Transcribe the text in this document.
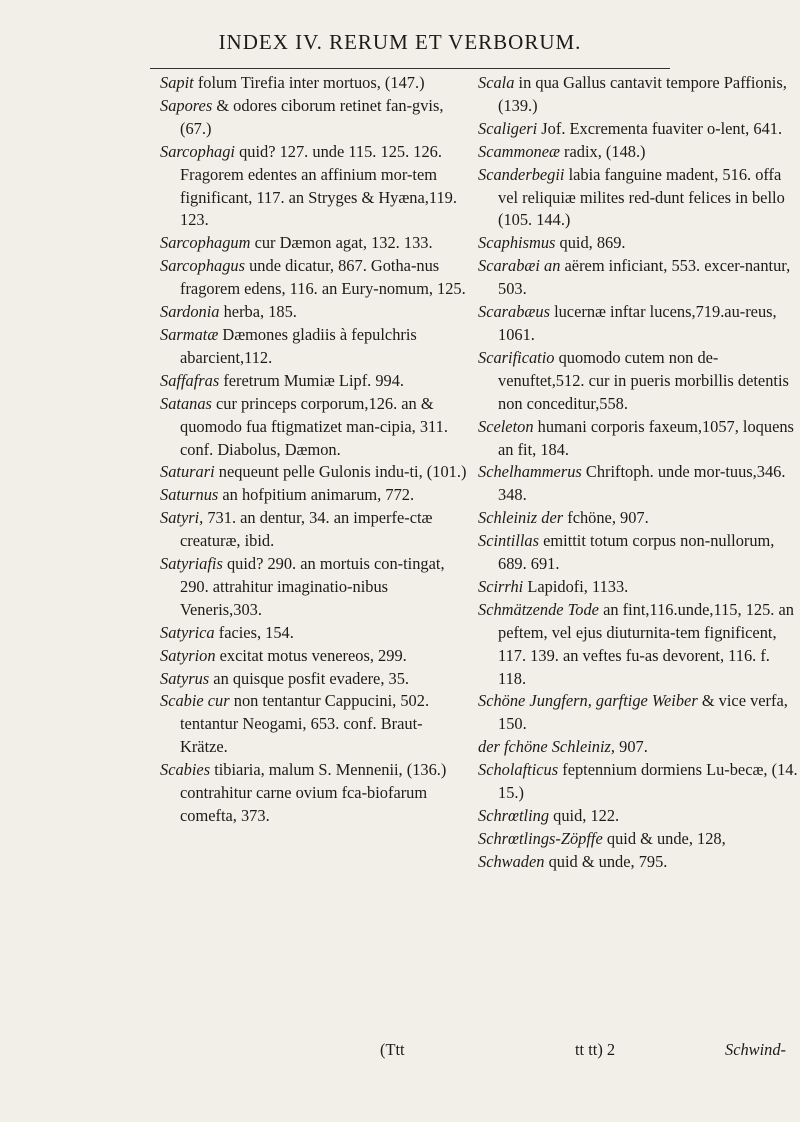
INDEX IV. RERUM ET VERBORUM.

Sapit folum Tirefia inter mortuos, (147.)

Sapores & odores ciborum retinet fan-gvis,(67.)

Sarcophagi quid? 127. unde 115. 125. 126. Fragorem edentes an affinium mor-tem fignificant, 117. an Stryges & Hyæna,119. 123.

Sarcophagum cur Dæmon agat, 132. 133.

Sarcophagus unde dicatur, 867. Gotha-nus fragorem edens, 116. an Eury-nomum, 125.

Sardonia herba, 185.

Sarmatæ Dæmones gladiis à fepulchris abarcient,112.

Saffafras feretrum Mumiæ Lipf. 994.

Satanas cur princeps corporum,126. an & quomodo fua ftigmatizet man-cipia, 311. conf. Diabolus, Dæmon.

Saturari nequeunt pelle Gulonis indu-ti, (101.)

Saturnus an hofpitium animarum, 772.

Satyri, 731. an dentur, 34. an imperfe-ctæ creaturæ, ibid.

Satyriafis quid? 290. an mortuis con-tingat, 290. attrahitur imaginatio-nibus Veneris,303.

Satyrica facies, 154.

Satyrion excitat motus venereos, 299.

Satyrus an quisque posfit evadere, 35.

Scabie cur non tentantur Cappucini, 502. tentantur Neogami, 653. conf. Braut-Krätze.

Scabies tibiaria, malum S. Mennenii, (136.) contrahitur carne ovium fca-biofarum comefta, 373.

Scala in qua Gallus cantavit tempore Paffionis, (139.)

Scaligeri Jof. Excrementa fuaviter o-lent, 641.

Scammoneæ radix, (148.)

Scanderbegii labia fanguine madent, 516. offa vel reliquiæ milites red-dunt felices in bello (105. 144.)

Scaphismus quid, 869.

Scarabæi an aërem inficiant, 553. excer-nantur, 503.

Scarabæus lucernæ inftar lucens,719.au-reus, 1061.

Scarificatio quomodo cutem non de-venuftet,512. cur in pueris morbillis detentis non conceditur,558.

Sceleton humani corporis faxeum,1057, loquens an fit, 184.

Schelhammerus Chriftoph. unde mor-tuus,346. 348.

Schleiniz der fchöne, 907.

Scintillas emittit totum corpus non-nullorum, 689. 691.

Scirrhi Lapidofi, 1133.

Schmätzende Tode an fint,116.unde,115, 125. an peftem, vel ejus diuturnita-tem fignificent, 117. 139. an veftes fu-as devorent, 116. f. 118.

Schöne Jungfern, garftige Weiber & vice verfa, 150.

der fchöne Schleiniz, 907.

Scholafticus feptennium dormiens Lu-becæ, (14. 15.)

Schrœtling quid, 122.

Schrœtlings-Zöpffe quid & unde, 128,

Schwaden quid & unde, 795.

(Ttt	tt tt) 2	Schwind-
